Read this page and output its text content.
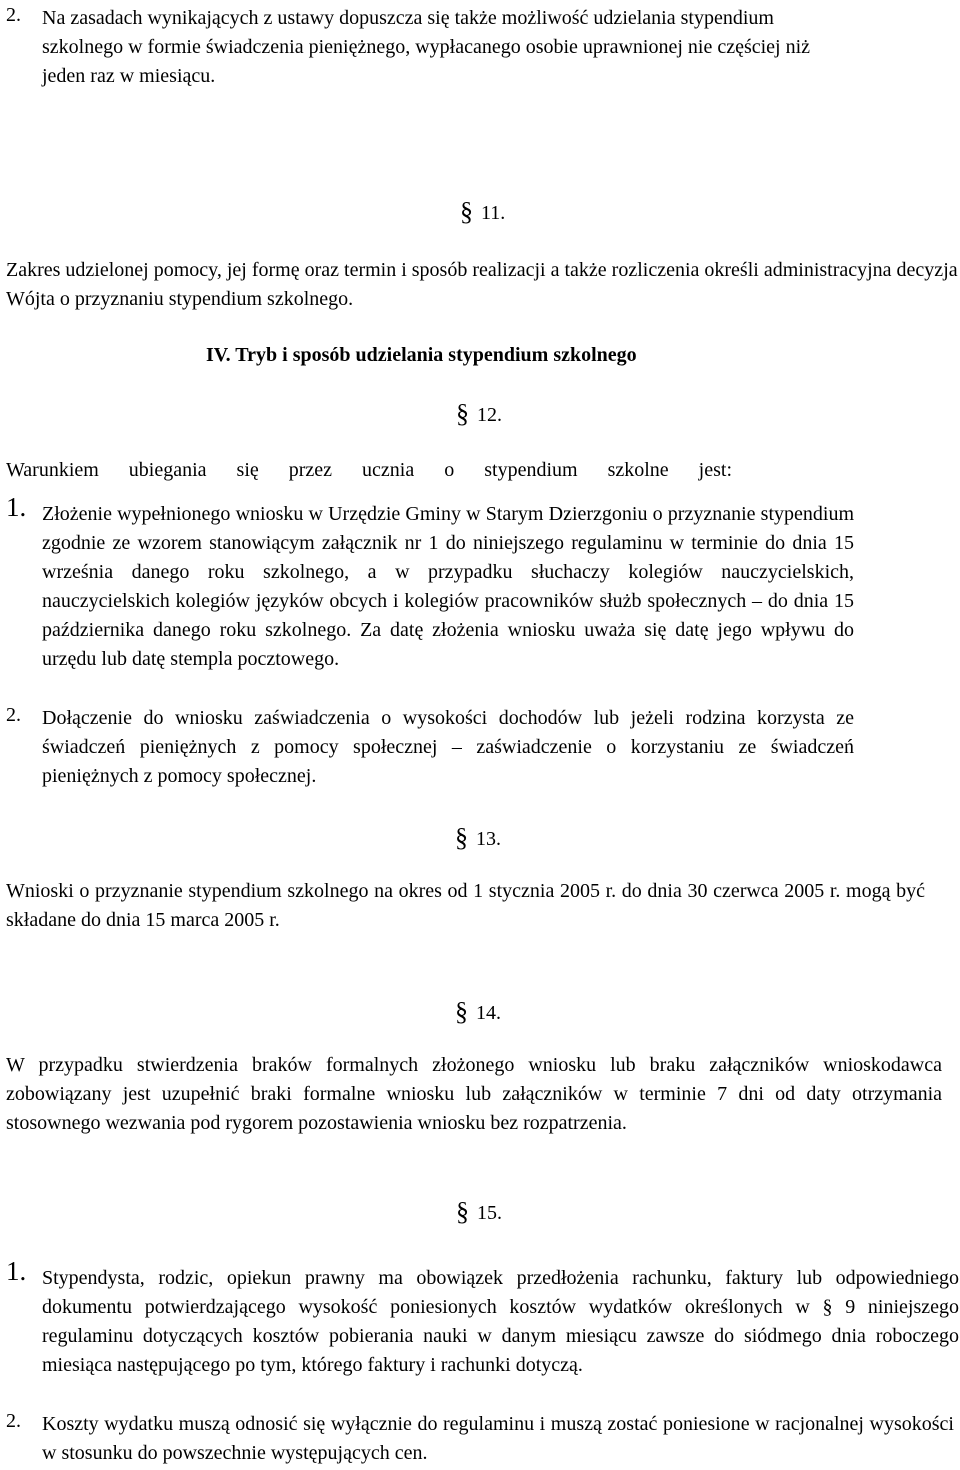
2. Na zasadach wynikających z ustawy dopuszcza się także możliwość udzielania stypendium szkolnego w formie świadczenia pieniężnego, wypłacanego osobie uprawnionej nie częściej niż jeden raz w miesiącu.
§ 11.
Zakres udzielonej pomocy, jej formę oraz termin i sposób realizacji a także rozliczenia określi administracyjna decyzja Wójta o przyznaniu stypendium szkolnego.
IV. Tryb i sposób udzielania stypendium szkolnego
§ 12.
Warunkiem ubiegania się przez ucznia o stypendium szkolne jest:
1. Złożenie wypełnionego wniosku w Urzędzie Gminy w Starym Dzierzgoniu o przyznanie stypendium zgodnie ze wzorem stanowiącym załącznik nr 1 do niniejszego regulaminu w terminie do dnia 15 września danego roku szkolnego, a w przypadku słuchaczy kolegiów nauczycielskich, nauczycielskich kolegiów języków obcych i kolegiów pracowników służb społecznych – do dnia 15 października danego roku szkolnego. Za datę złożenia wniosku uważa się datę jego wpływu do urzędu lub datę stempla pocztowego.
2. Dołączenie do wniosku zaświadczenia o wysokości dochodów lub jeżeli rodzina korzysta ze świadczeń pieniężnych z pomocy społecznej – zaświadczenie o korzystaniu ze świadczeń pieniężnych z pomocy społecznej.
§ 13.
Wnioski o przyznanie stypendium szkolnego na okres od 1 stycznia 2005 r. do dnia 30 czerwca 2005 r. mogą być składane do dnia 15 marca 2005 r.
§ 14.
W przypadku stwierdzenia braków formalnych złożonego wniosku lub braku załączników wnioskodawca zobowiązany jest uzupełnić braki formalne wniosku lub załączników w terminie 7 dni od daty otrzymania stosownego wezwania pod rygorem pozostawienia wniosku bez rozpatrzenia.
§ 15.
1. Stypendysta, rodzic, opiekun prawny ma obowiązek przedłożenia rachunku, faktury lub odpowiedniego dokumentu potwierdzającego wysokość poniesionych kosztów wydatków określonych w § 9 niniejszego regulaminu dotyczących kosztów pobierania nauki w danym miesiącu zawsze do siódmego dnia roboczego miesiąca następującego po tym, którego faktury i rachunki dotyczą.
2. Koszty wydatku muszą odnosić się wyłącznie do regulaminu i muszą zostać poniesione w racjonalnej wysokości w stosunku do powszechnie występujących cen.
